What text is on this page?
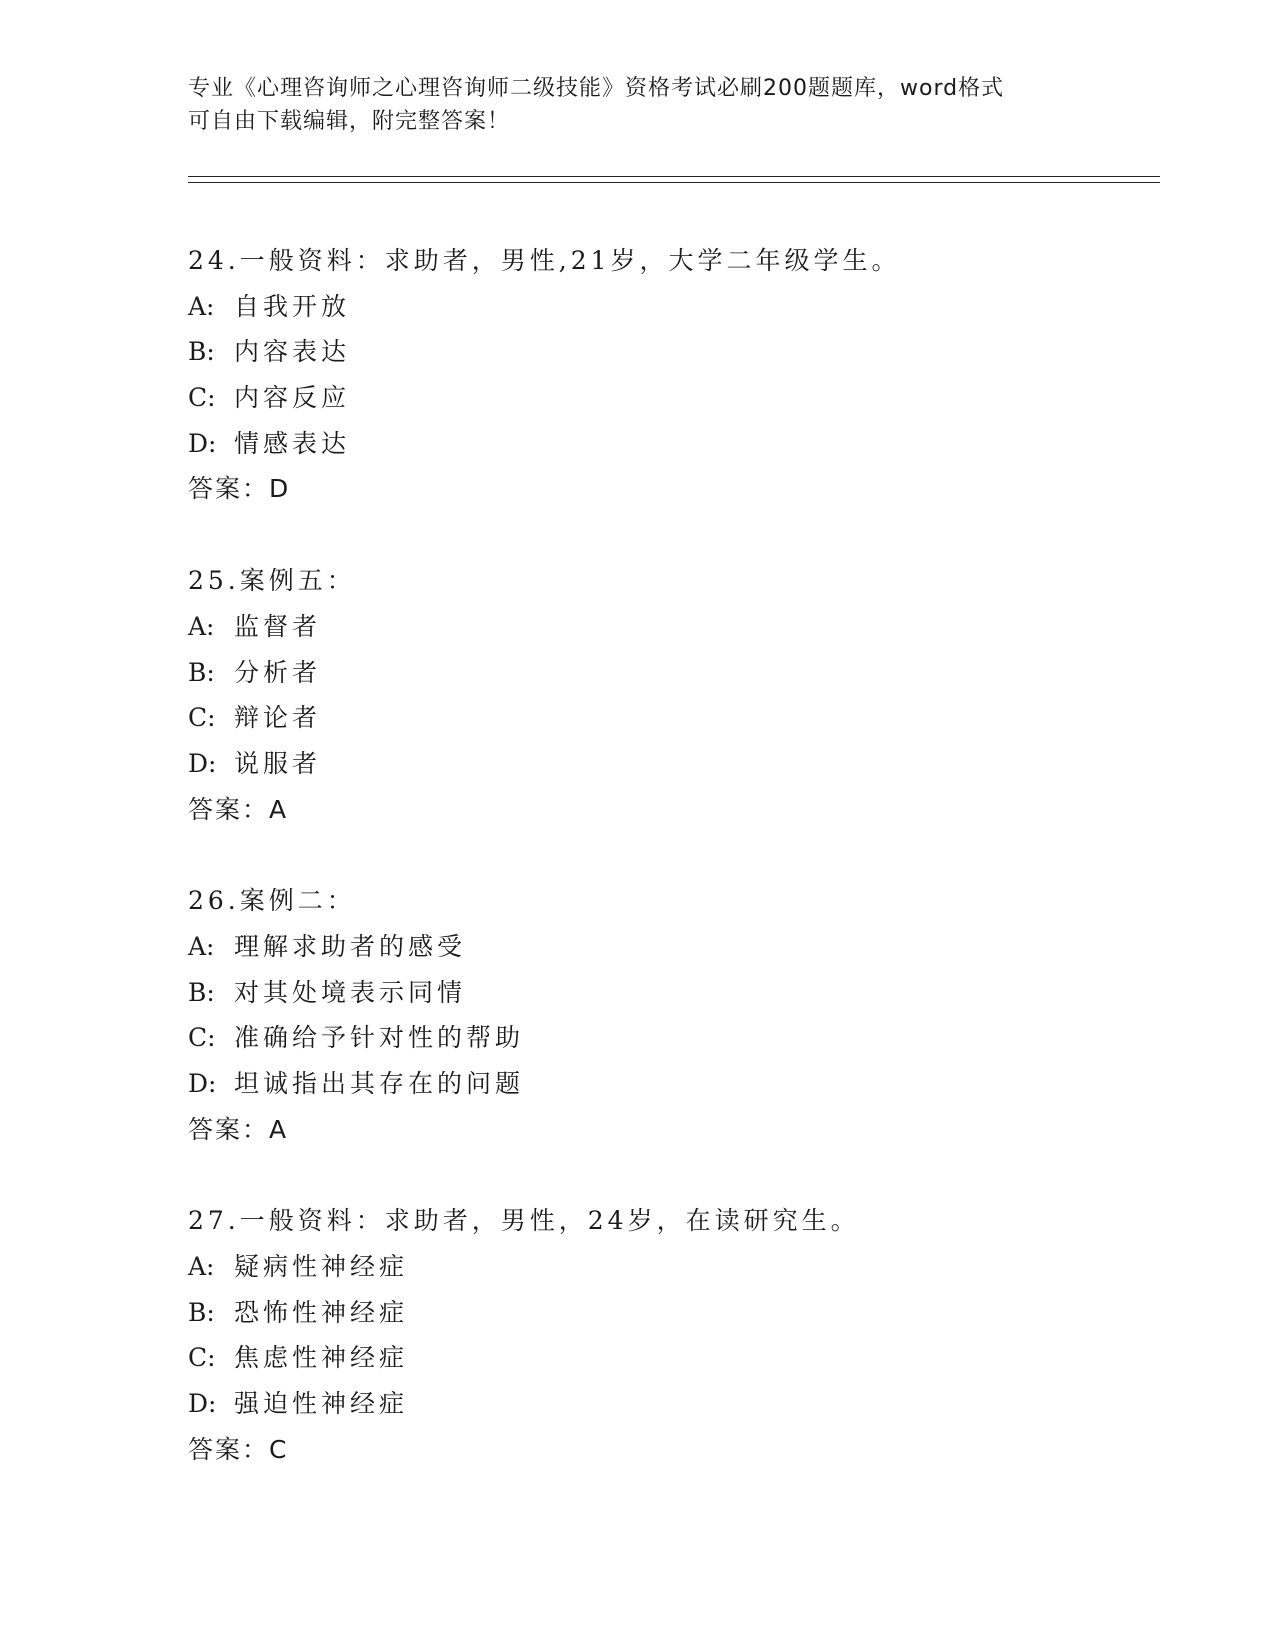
专业《心理咨询师之心理咨询师二级技能》资格考试必刷200题题库，word格式
可自由下载编辑，附完整答案！
24.一般资料：求助者，男性,21岁，大学二年级学生。
A: 自我开放
B: 内容表达
C: 内容反应
D: 情感表达
答案：D
25.案例五：
A: 监督者
B: 分析者
C: 辩论者
D: 说服者
答案：A
26.案例二：
A: 理解求助者的感受
B: 对其处境表示同情
C: 准确给予针对性的帮助
D: 坦诚指出其存在的问题
答案：A
27.一般资料：求助者，男性，24岁，在读研究生。
A: 疑病性神经症
B: 恐怖性神经症
C: 焦虑性神经症
D: 强迫性神经症
答案：C
